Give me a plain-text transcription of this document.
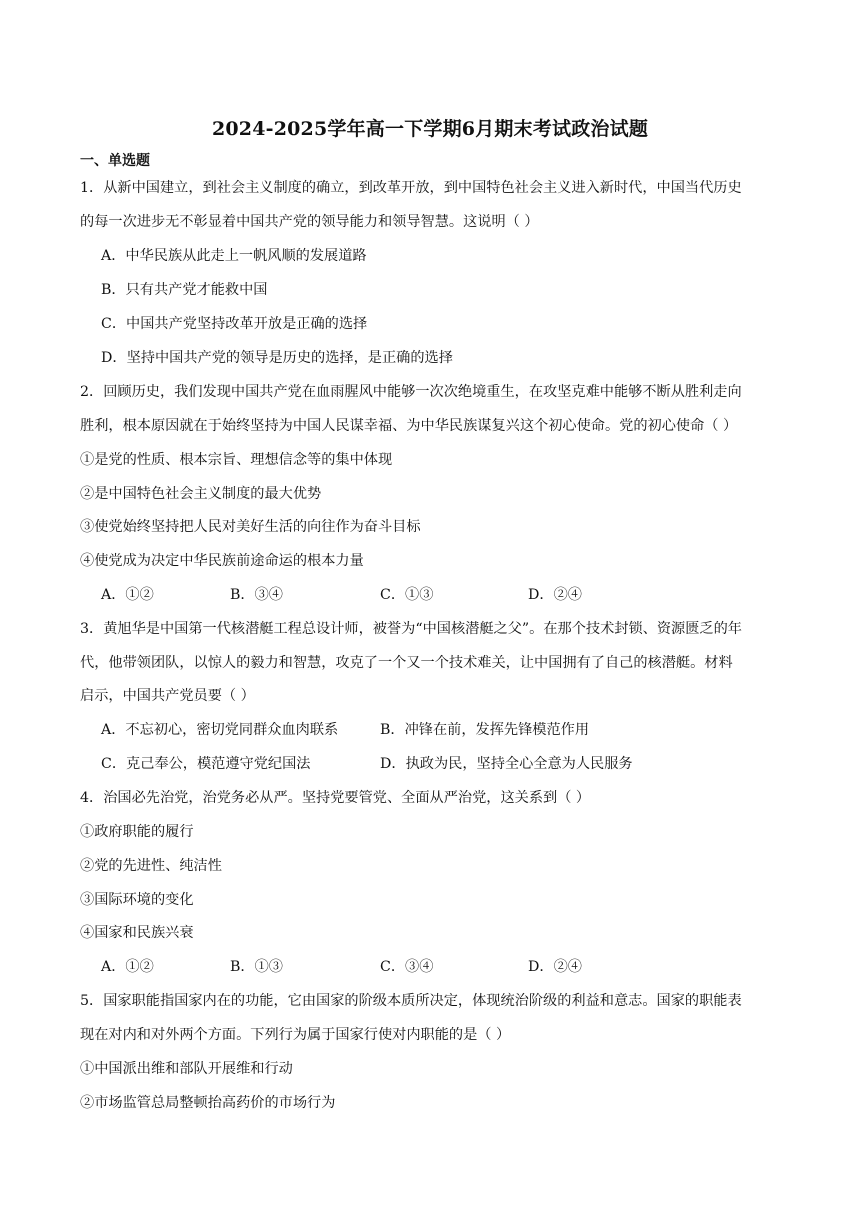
2024-2025学年高一下学期6月期末考试政治试题
一、单选题
1．从新中国建立，到社会主义制度的确立，到改革开放，到中国特色社会主义进入新时代，中国当代历史
的每一次进步无不彰显着中国共产党的领导能力和领导智慧。这说明（ ）
A．中华民族从此走上一帆风顺的发展道路
B．只有共产党才能救中国
C．中国共产党坚持改革开放是正确的选择
D．坚持中国共产党的领导是历史的选择，是正确的选择
2．回顾历史，我们发现中国共产党在血雨腥风中能够一次次绝境重生，在攻坚克难中能够不断从胜利走向
胜利，根本原因就在于始终坚持为中国人民谋幸福、为中华民族谋复兴这个初心使命。党的初心使命（ ）
①是党的性质、根本宗旨、理想信念等的集中体现
②是中国特色社会主义制度的最大优势
③使党始终坚持把人民对美好生活的向往作为奋斗目标
④使党成为决定中华民族前途命运的根本力量
A．①②	B．③④	C．①③	D．②④
3．黄旭华是中国第一代核潜艇工程总设计师，被誉为“中国核潜艇之父”。在那个技术封锁、资源匮乏的年
代，他带领团队，以惊人的毅力和智慧，攻克了一个又一个技术难关，让中国拥有了自己的核潜艇。材料
启示，中国共产党员要（ ）
A．不忘初心，密切党同群众血肉联系	B．冲锋在前，发挥先锋模范作用
C．克己奉公，模范遵守党纪国法	D．执政为民，坚持全心全意为人民服务
4．治国必先治党，治党务必从严。坚持党要管党、全面从严治党，这关系到（ ）
①政府职能的履行
②党的先进性、纯洁性
③国际环境的变化
④国家和民族兴衰
A．①②	B．①③	C．③④	D．②④
5．国家职能指国家内在的功能，它由国家的阶级本质所决定，体现统治阶级的利益和意志。国家的职能表
现在对内和对外两个方面。下列行为属于国家行使对内职能的是（ ）
①中国派出维和部队开展维和行动
②市场监管总局整顿抬高药价的市场行为
